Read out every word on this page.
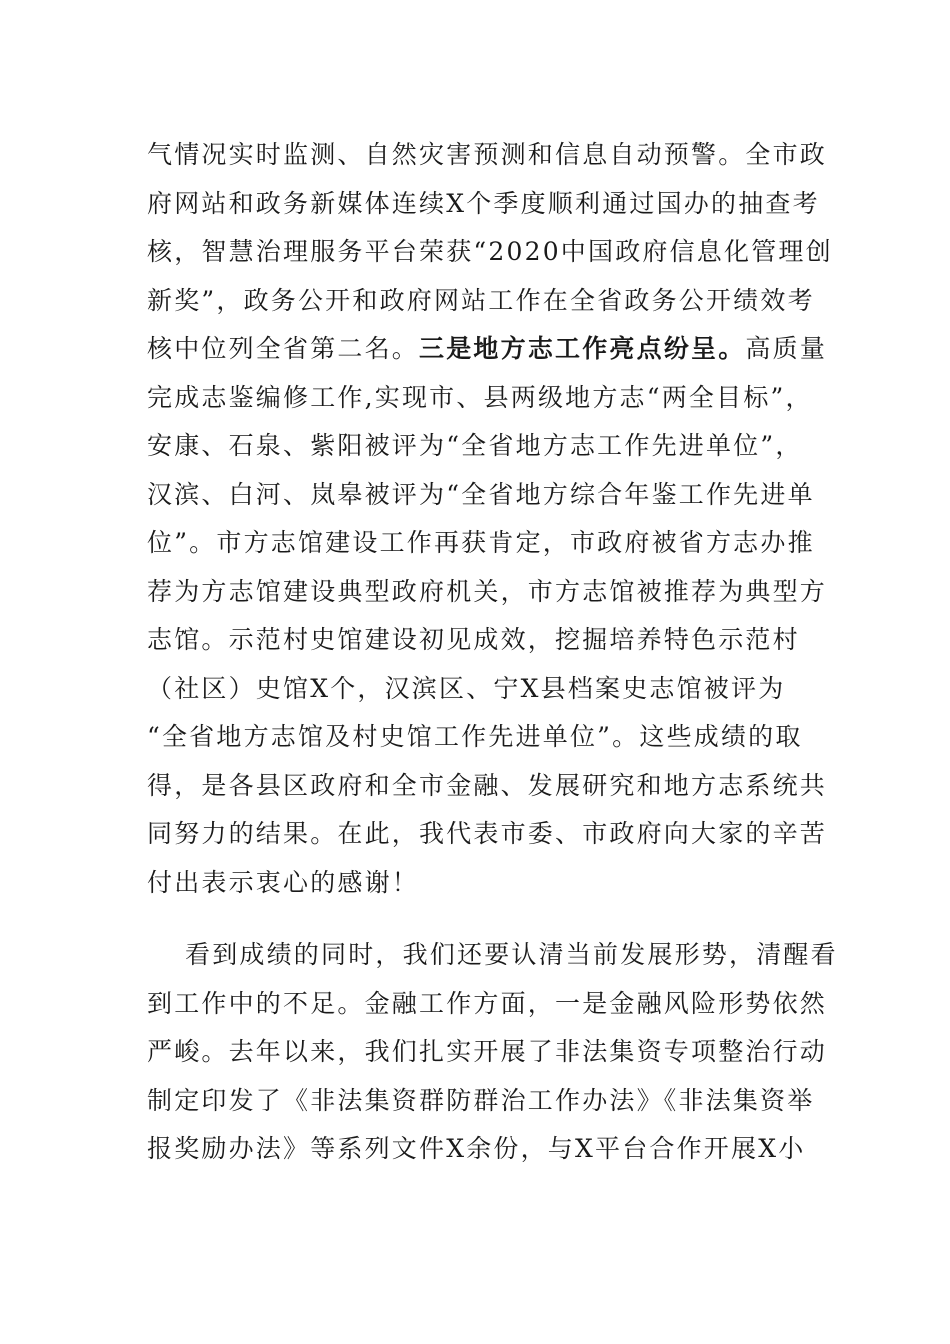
气情况实时监测、自然灾害预测和信息自动预警。全市政
府网站和政务新媒体连续X个季度顺利通过国办的抽查考
核，智慧治理服务平台荣获“2020中国政府信息化管理创
新奖”，政务公开和政府网站工作在全省政务公开绩效考
核中位列全省第二名。三是地方志工作亮点纷呈。高质量
完成志鉴编修工作,实现市、县两级地方志“两全目标”，
安康、石泉、紫阳被评为“全省地方志工作先进单位”，
汉滨、白河、岚皋被评为“全省地方综合年鉴工作先进单
位”。市方志馆建设工作再获肯定，市政府被省方志办推
荐为方志馆建设典型政府机关，市方志馆被推荐为典型方
志馆。示范村史馆建设初见成效，挖掘培养特色示范村
（社区）史馆X个，汉滨区、宁X县档案史志馆被评为
“全省地方志馆及村史馆工作先进单位”。这些成绩的取
得，是各县区政府和全市金融、发展研究和地方志系统共
同努力的结果。在此，我代表市委、市政府向大家的辛苦
付出表示衷心的感谢！
看到成绩的同时，我们还要认清当前发展形势，清醒看
到工作中的不足。金融工作方面，一是金融风险形势依然
严峻。去年以来，我们扎实开展了非法集资专项整治行动
制定印发了《非法集资群防群治工作办法》《非法集资举
报奖励办法》等系列文件X余份，与X平台合作开展X小
